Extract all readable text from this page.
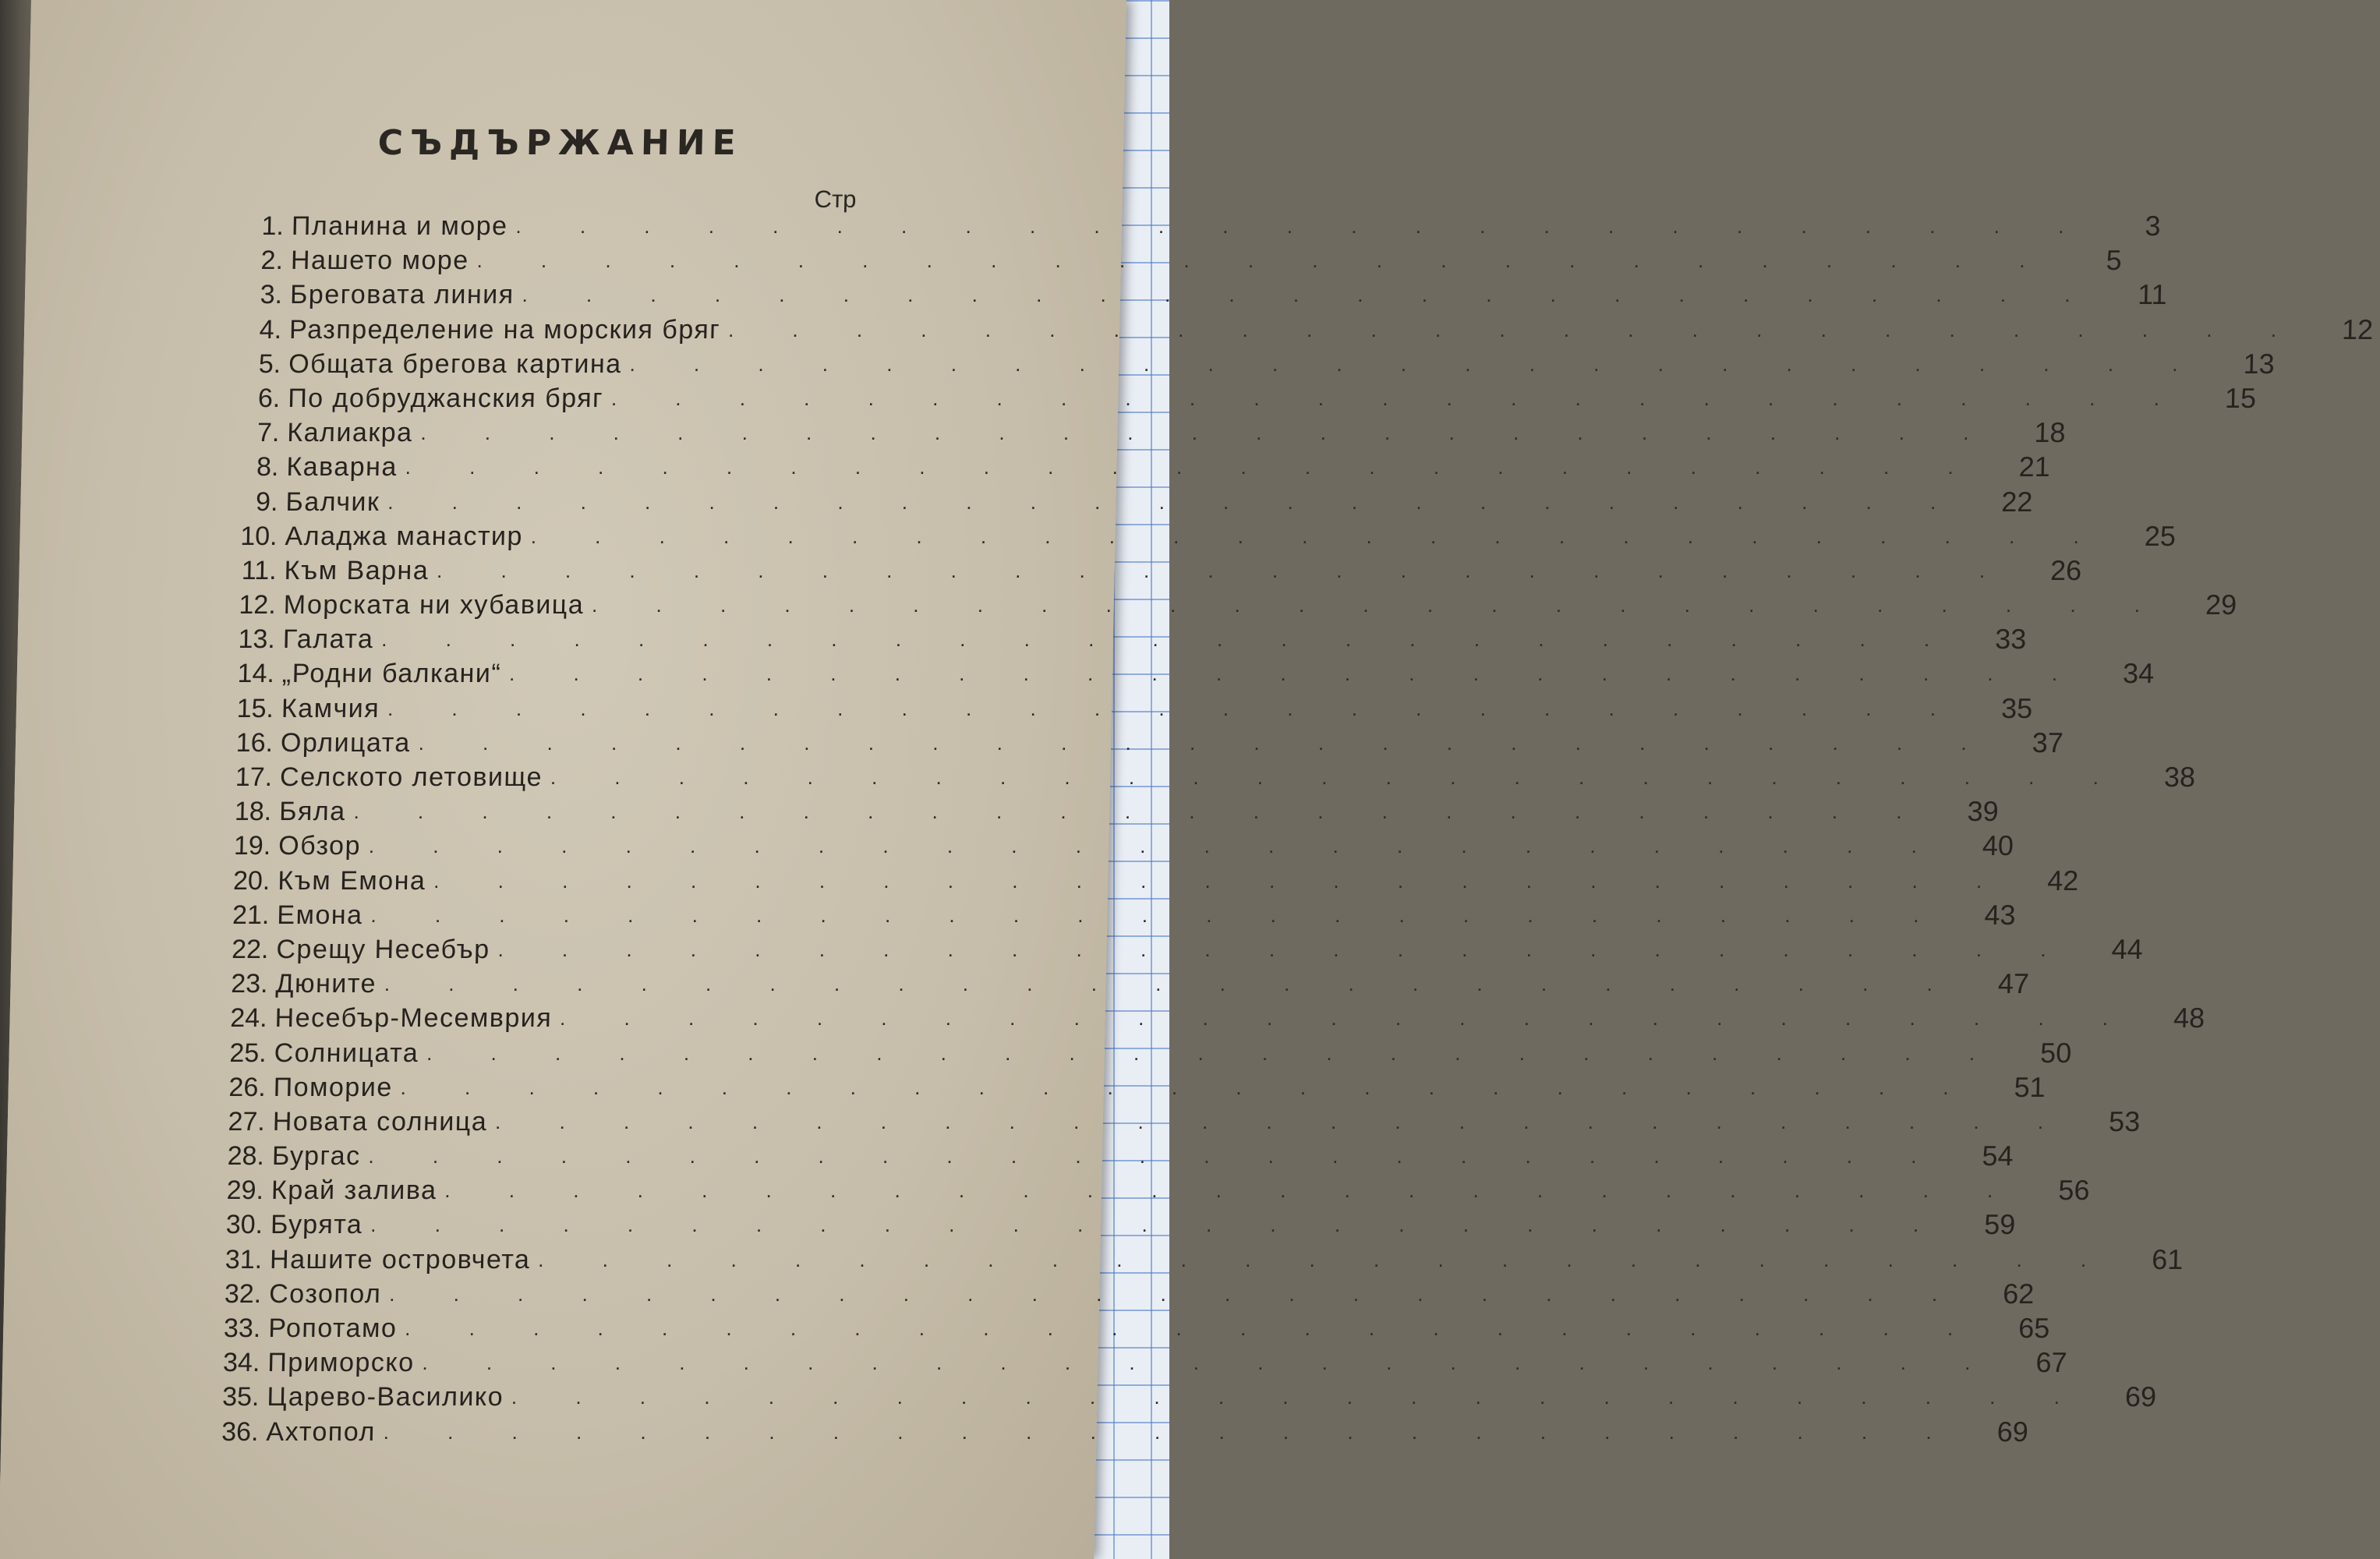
СЪДЪРЖАНИЕ
Стр
1. Планина и море . . . . . . . . . . . . . . . . . . . . . . . . .	3
2. Нашето море . . . . . . . . . . . . . . . . . . . . . . . . .	5
3. Бреговата линия . . . . . . . . . . . . . . . . . . . . . . . . .	11
4. Разпределение на морския бряг . . . . . . . . . . . . . . . . . . . . . . . . .	12
5. Общата брегова картина . . . . . . . . . . . . . . . . . . . . . . . . .	13
6. По добруджанския бряг . . . . . . . . . . . . . . . . . . . . . . . . .	15
7. Калиакра . . . . . . . . . . . . . . . . . . . . . . . . .	18
8. Каварна . . . . . . . . . . . . . . . . . . . . . . . . .	21
9. Балчик . . . . . . . . . . . . . . . . . . . . . . . . .	22
10. Аладжа манастир . . . . . . . . . . . . . . . . . . . . . . . . .	25
11. Към Варна . . . . . . . . . . . . . . . . . . . . . . . . .	26
12. Морската ни хубавица . . . . . . . . . . . . . . . . . . . . . . . . .	29
13. Галата . . . . . . . . . . . . . . . . . . . . . . . . .	33
14. „Родни балкани“ . . . . . . . . . . . . . . . . . . . . . . . . .	34
15. Камчия . . . . . . . . . . . . . . . . . . . . . . . . .	35
16. Орлицата . . . . . . . . . . . . . . . . . . . . . . . . .	37
17. Селското летовище . . . . . . . . . . . . . . . . . . . . . . . . .	38
18. Бяла . . . . . . . . . . . . . . . . . . . . . . . . .	39
19. Обзор . . . . . . . . . . . . . . . . . . . . . . . . .	40
20. Към Емона . . . . . . . . . . . . . . . . . . . . . . . . .	42
21. Емона . . . . . . . . . . . . . . . . . . . . . . . . .	43
22. Срещу Несебър . . . . . . . . . . . . . . . . . . . . . . . . .	44
23. Дюните . . . . . . . . . . . . . . . . . . . . . . . . .	47
24. Несебър-Месемврия . . . . . . . . . . . . . . . . . . . . . . . . .	48
25. Солницата . . . . . . . . . . . . . . . . . . . . . . . . .	50
26. Поморие . . . . . . . . . . . . . . . . . . . . . . . . .	51
27. Новата солница . . . . . . . . . . . . . . . . . . . . . . . . .	53
28. Бургас . . . . . . . . . . . . . . . . . . . . . . . . .	54
29. Край залива . . . . . . . . . . . . . . . . . . . . . . . . .	56
30. Бурята . . . . . . . . . . . . . . . . . . . . . . . . .	59
31. Нашите островчета . . . . . . . . . . . . . . . . . . . . . . . . .	61
32. Созопол . . . . . . . . . . . . . . . . . . . . . . . . .	62
33. Ропотамо . . . . . . . . . . . . . . . . . . . . . . . . .	65
34. Приморско . . . . . . . . . . . . . . . . . . . . . . . . .	67
35. Царево-Василико . . . . . . . . . . . . . . . . . . . . . . . . .	69
36. Ахтопол . . . . . . . . . . . . . . . . . . . . . . . . .	69
